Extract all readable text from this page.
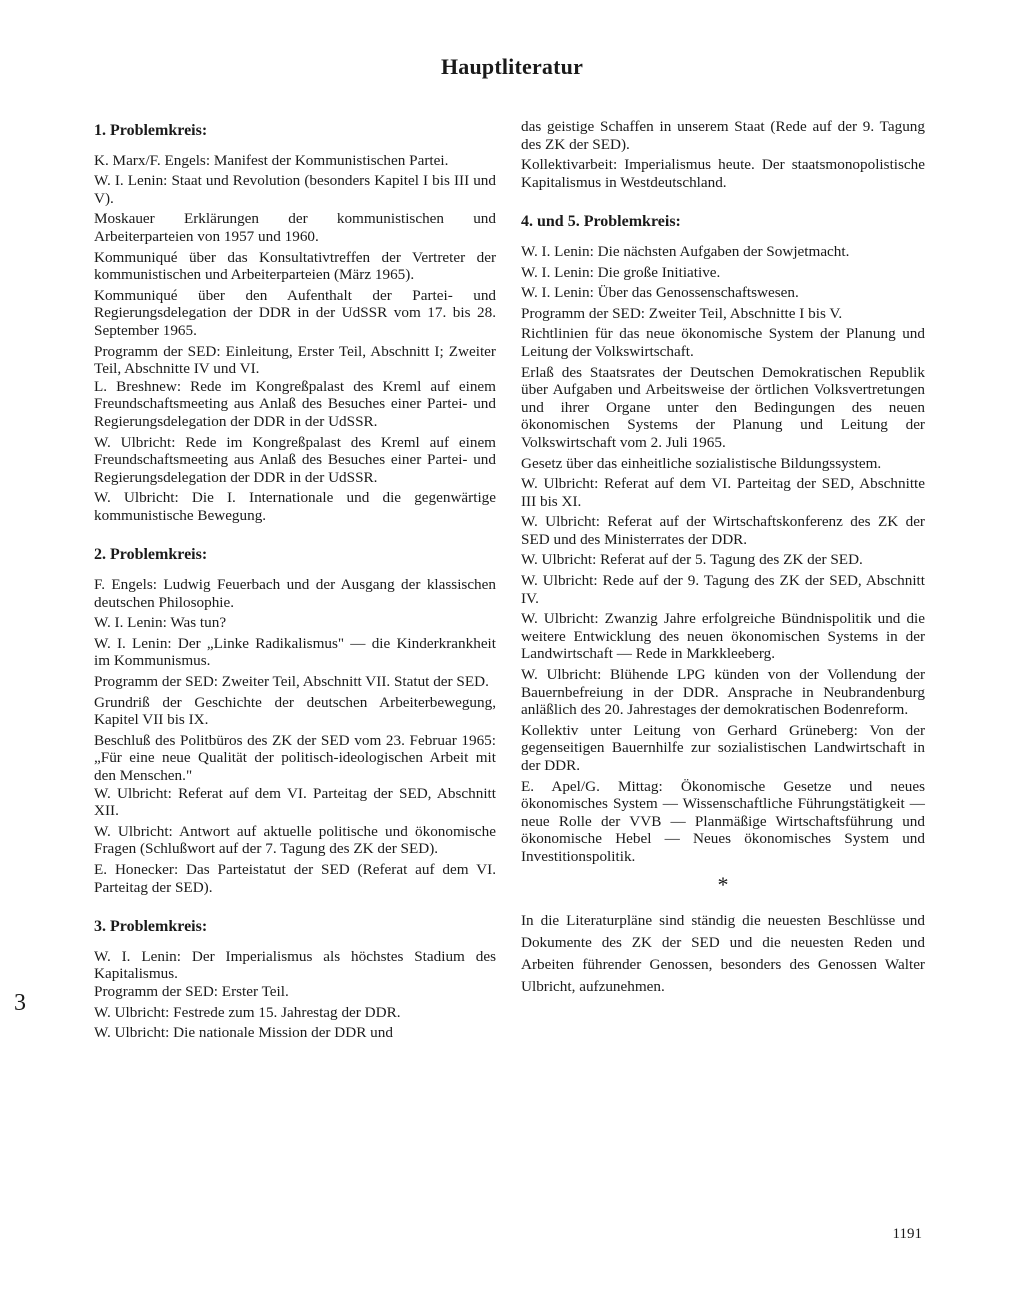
Hauptliteratur
1. Problemkreis:
K. Marx/F. Engels: Manifest der Kommunistischen Partei.
W. I. Lenin: Staat und Revolution (besonders Kapitel I bis III und V).
Moskauer Erklärungen der kommunistischen und Arbeiterparteien von 1957 und 1960.
Kommuniqué über das Konsultativtreffen der Vertreter der kommunistischen und Arbeiterparteien (März 1965).
Kommuniqué über den Aufenthalt der Partei- und Regierungsdelegation der DDR in der UdSSR vom 17. bis 28. September 1965.
Programm der SED: Einleitung, Erster Teil, Abschnitt I; Zweiter Teil, Abschnitte IV und VI.
L. Breshnew: Rede im Kongreßpalast des Kreml auf einem Freundschaftsmeeting aus Anlaß des Besuches einer Partei- und Regierungsdelegation der DDR in der UdSSR.
W. Ulbricht: Rede im Kongreßpalast des Kreml auf einem Freundschaftsmeeting aus Anlaß des Besuches einer Partei- und Regierungsdelegation der DDR in der UdSSR.
W. Ulbricht: Die I. Internationale und die gegenwärtige kommunistische Bewegung.
2. Problemkreis:
F. Engels: Ludwig Feuerbach und der Ausgang der klassischen deutschen Philosophie.
W. I. Lenin: Was tun?
W. I. Lenin: Der „Linke Radikalismus" — die Kinderkrankheit im Kommunismus.
Programm der SED: Zweiter Teil, Abschnitt VII. Statut der SED.
Grundriß der Geschichte der deutschen Arbeiterbewegung, Kapitel VII bis IX.
Beschluß des Politbüros des ZK der SED vom 23. Februar 1965: „Für eine neue Qualität der politisch-ideologischen Arbeit mit den Menschen."
W. Ulbricht: Referat auf dem VI. Parteitag der SED, Abschnitt XII.
W. Ulbricht: Antwort auf aktuelle politische und ökonomische Fragen (Schlußwort auf der 7. Tagung des ZK der SED).
E. Honecker: Das Parteistatut der SED (Referat auf dem VI. Parteitag der SED).
3. Problemkreis:
W. I. Lenin: Der Imperialismus als höchstes Stadium des Kapitalismus.
Programm der SED: Erster Teil.
W. Ulbricht: Festrede zum 15. Jahrestag der DDR.
W. Ulbricht: Die nationale Mission der DDR und
das geistige Schaffen in unserem Staat (Rede auf der 9. Tagung des ZK der SED).
Kollektivarbeit: Imperialismus heute. Der staatsmonopolistische Kapitalismus in Westdeutschland.
4. und 5. Problemkreis:
W. I. Lenin: Die nächsten Aufgaben der Sowjetmacht.
W. I. Lenin: Die große Initiative.
W. I. Lenin: Über das Genossenschaftswesen.
Programm der SED: Zweiter Teil, Abschnitte I bis V.
Richtlinien für das neue ökonomische System der Planung und Leitung der Volkswirtschaft.
Erlaß des Staatsrates der Deutschen Demokratischen Republik über Aufgaben und Arbeitsweise der örtlichen Volksvertretungen und ihrer Organe unter den Bedingungen des neuen ökonomischen Systems der Planung und Leitung der Volkswirtschaft vom 2. Juli 1965.
Gesetz über das einheitliche sozialistische Bildungssystem.
W. Ulbricht: Referat auf dem VI. Parteitag der SED, Abschnitte III bis XI.
W. Ulbricht: Referat auf der Wirtschaftskonferenz des ZK der SED und des Ministerrates der DDR.
W. Ulbricht: Referat auf der 5. Tagung des ZK der SED.
W. Ulbricht: Rede auf der 9. Tagung des ZK der SED, Abschnitt IV.
W. Ulbricht: Zwanzig Jahre erfolgreiche Bündnispolitik und die weitere Entwicklung des neuen ökonomischen Systems in der Landwirtschaft — Rede in Markkleeberg.
W. Ulbricht: Blühende LPG künden von der Vollendung der Bauernbefreiung in der DDR. Ansprache in Neubrandenburg anläßlich des 20. Jahrestages der demokratischen Bodenreform.
Kollektiv unter Leitung von Gerhard Grüneberg: Von der gegenseitigen Bauernhilfe zur sozialistischen Landwirtschaft in der DDR.
E. Apel/G. Mittag: Ökonomische Gesetze und neues ökonomisches System — Wissenschaftliche Führungstätigkeit — neue Rolle der VVB — Planmäßige Wirtschaftsführung und ökonomische Hebel — Neues ökonomisches System und Investitionspolitik.
*
In die Literaturpläne sind ständig die neuesten Beschlüsse und Dokumente des ZK der SED und die neuesten Reden und Arbeiten führender Genossen, besonders des Genossen Walter Ulbricht, aufzunehmen.
3
1191
